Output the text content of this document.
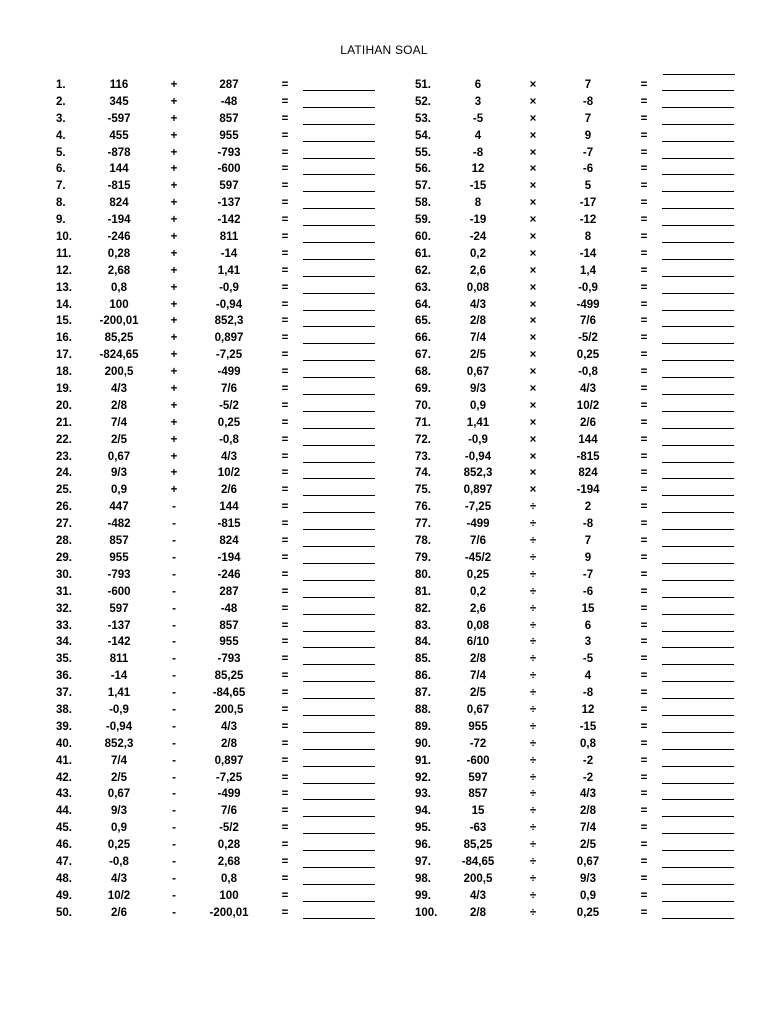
LATIHAN SOAL
1.	116	+	287	=
2.	345	+	-48	=
3.	-597	+	857	=
4.	455	+	955	=
5.	-878	+	-793	=
6.	144	+	-600	=
7.	-815	+	597	=
8.	824	+	-137	=
9.	-194	+	-142	=
10.	-246	+	811	=
11.	0,28	+	-14	=
12.	2,68	+	1,41	=
13.	0,8	+	-0,9	=
14.	100	+	-0,94	=
15.	-200,01	+	852,3	=
16.	85,25	+	0,897	=
17.	-824,65	+	-7,25	=
18.	200,5	+	-499	=
19.	4/3	+	7/6	=
20.	2/8	+	-5/2	=
21.	7/4	+	0,25	=
22.	2/5	+	-0,8	=
23.	0,67	+	4/3	=
24.	9/3	+	10/2	=
25.	0,9	+	2/6	=
26.	447	-	144	=
27.	-482	-	-815	=
28.	857	-	824	=
29.	955	-	-194	=
30.	-793	-	-246	=
31.	-600	-	287	=
32.	597	-	-48	=
33.	-137	-	857	=
34.	-142	-	955	=
35.	811	-	-793	=
36.	-14	-	85,25	=
37.	1,41	-	-84,65	=
38.	-0,9	-	200,5	=
39.	-0,94	-	4/3	=
40.	852,3	-	2/8	=
41.	7/4	-	0,897	=
42.	2/5	-	-7,25	=
43.	0,67	-	-499	=
44.	9/3	-	7/6	=
45.	0,9	-	-5/2	=
46.	0,25	-	0,28	=
47.	-0,8	-	2,68	=
48.	4/3	-	0,8	=
49.	10/2	-	100	=
50.	2/6	-	-200,01	=
51.	6	×	7	=
52.	3	×	-8	=
53.	-5	×	7	=
54.	4	×	9	=
55.	-8	×	-7	=
56.	12	×	-6	=
57.	-15	×	5	=
58.	8	×	-17	=
59.	-19	×	-12	=
60.	-24	×	8	=
61.	0,2	×	-14	=
62.	2,6	×	1,4	=
63.	0,08	×	-0,9	=
64.	4/3	×	-499	=
65.	2/8	×	7/6	=
66.	7/4	×	-5/2	=
67.	2/5	×	0,25	=
68.	0,67	×	-0,8	=
69.	9/3	×	4/3	=
70.	0,9	×	10/2	=
71.	1,41	×	2/6	=
72.	-0,9	×	144	=
73.	-0,94	×	-815	=
74.	852,3	×	824	=
75.	0,897	×	-194	=
76.	-7,25	÷	2	=
77.	-499	÷	-8	=
78.	7/6	÷	7	=
79.	-45/2	÷	9	=
80.	0,25	÷	-7	=
81.	0,2	÷	-6	=
82.	2,6	÷	15	=
83.	0,08	÷	6	=
84.	6/10	÷	3	=
85.	2/8	÷	-5	=
86.	7/4	÷	4	=
87.	2/5	÷	-8	=
88.	0,67	÷	12	=
89.	955	÷	-15	=
90.	-72	÷	0,8	=
91.	-600	÷	-2	=
92.	597	÷	-2	=
93.	857	÷	4/3	=
94.	15	÷	2/8	=
95.	-63	÷	7/4	=
96.	85,25	÷	2/5	=
97.	-84,65	÷	0,67	=
98.	200,5	÷	9/3	=
99.	4/3	÷	0,9	=
100.	2/8	÷	0,25	=
